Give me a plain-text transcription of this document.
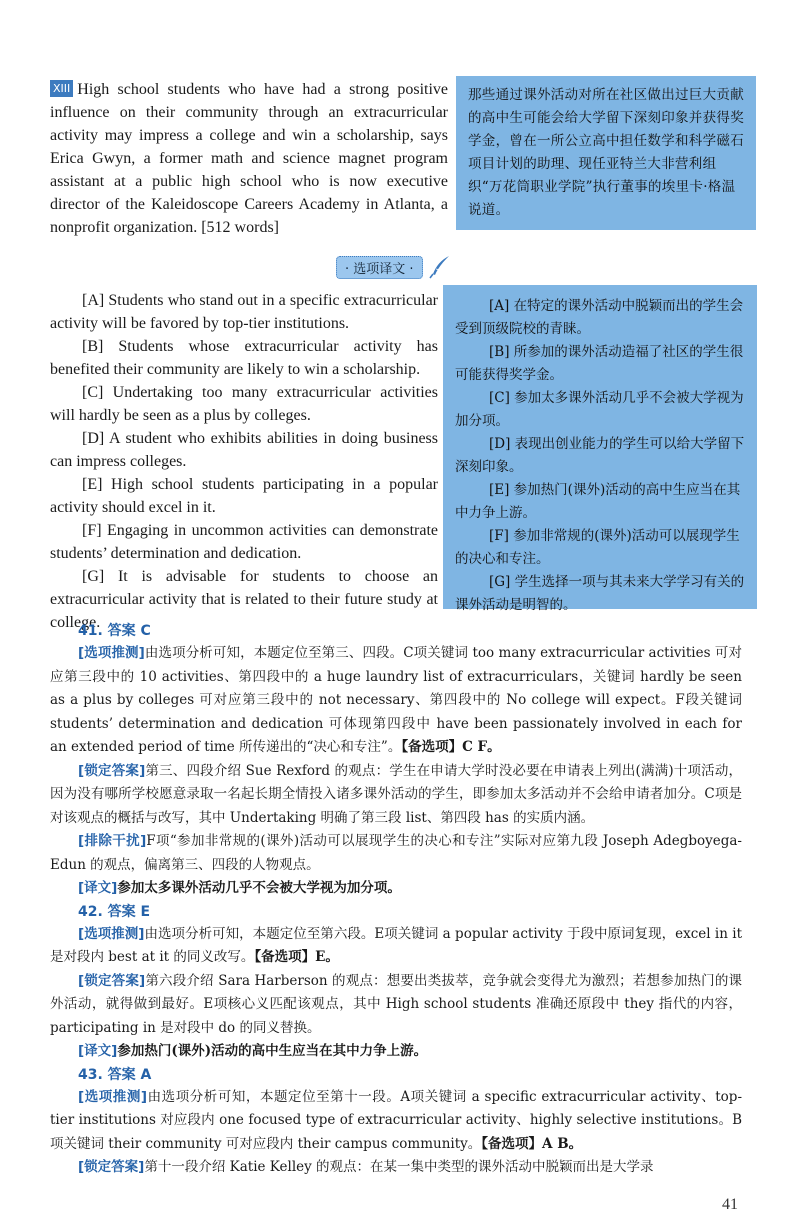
XIII High school students who have had a strong positive influence on their community through an extracurricular activity may impress a college and win a scholarship, says Erica Gwyn, a former math and science magnet program assistant at a public high school who is now executive director of the Kaleidoscope Careers Academy in Atlanta, a nonprofit organization. [512 words]
那些通过课外活动对所在社区做出过巨大贡献的高中生可能会给大学留下深刻印象并获得奖学金，曾在一所公立高中担任数学和科学磁石项目计划的助理、现任亚特兰大非营利组织“万花筒职业学院”执行董事的埃里卡·格温说道。
· 选项译文 ·

[A] Students who stand out in a specific extracurricular activity will be favored by top-tier institutions.

[B] Students whose extracurricular activity has benefited their community are likely to win a scholarship.

[C] Undertaking too many extracurricular activities will hardly be seen as a plus by colleges.

[D] A student who exhibits abilities in doing business can impress colleges.

[E] High school students participating in a popular activity should excel in it.

[F] Engaging in uncommon activities can demonstrate students’ determination and dedication.

[G] It is advisable for students to choose an extracurricular activity that is related to their future study at college.

[A] 在特定的课外活动中脱颖而出的学生会受到顶级院校的青睐。

[B] 所参加的课外活动造福了社区的学生很可能获得奖学金。

[C] 参加太多课外活动几乎不会被大学视为加分项。

[D] 表现出创业能力的学生可以给大学留下深刻印象。

[E] 参加热门(课外)活动的高中生应当在其中力争上游。

[F] 参加非常规的(课外)活动可以展现学生的决心和专注。

[G] 学生选择一项与其未来大学学习有关的课外活动是明智的。

41. 答案 C

[选项推测]由选项分析可知，本题定位至第三、四段。C项关键词 too many extracurricular activities 可对应第三段中的 10 activities、第四段中的 a huge laundry list of extracurriculars，关键词 hardly be seen as a plus by colleges 可对应第三段中的 not necessary、第四段中的 No college will expect。F段关键词 students’ determination and dedication 可体现第四段中 have been passionately involved in each for an extended period of time 所传递出的“决心和专注”。【备选项】C F。

[锁定答案]第三、四段介绍 Sue Rexford 的观点：学生在申请大学时没必要在申请表上列出(满满)十项活动，因为没有哪所学校愿意录取一名起长期全情投入诸多课外活动的学生，即参加太多活动并不会给申请者加分。C项是对该观点的概括与改写，其中 Undertaking 明确了第三段 list、第四段 has 的实质内涵。

[排除干扰]F项“参加非常规的(课外)活动可以展现学生的决心和专注”实际对应第九段 Joseph Adegboyega-Edun 的观点，偏离第三、四段的人物观点。

[译文]参加太多课外活动几乎不会被大学视为加分项。

42. 答案 E

[选项推测]由选项分析可知，本题定位至第六段。E项关键词 a popular activity 于段中原词复现，excel in it 是对段内 best at it 的同义改写。【备选项】E。

[锁定答案]第六段介绍 Sara Harberson 的观点：想要出类拔萃，竞争就会变得尤为激烈；若想参加热门的课外活动，就得做到最好。E项核心义匹配该观点，其中 High school students 准确还原段中 they 指代的内容，participating in 是对段中 do 的同义替换。

[译文]参加热门(课外)活动的高中生应当在其中力争上游。

43. 答案 A

[选项推测]由选项分析可知，本题定位至第十一段。A项关键词 a specific extracurricular activity、top-tier institutions 对应段内 one focused type of extracurricular activity、highly selective institutions。B项关键词 their community 可对应段内 their campus community。【备选项】A B。

[锁定答案]第十一段介绍 Katie Kelley 的观点：在某一集中类型的课外活动中脱颖而出是大学录

41
